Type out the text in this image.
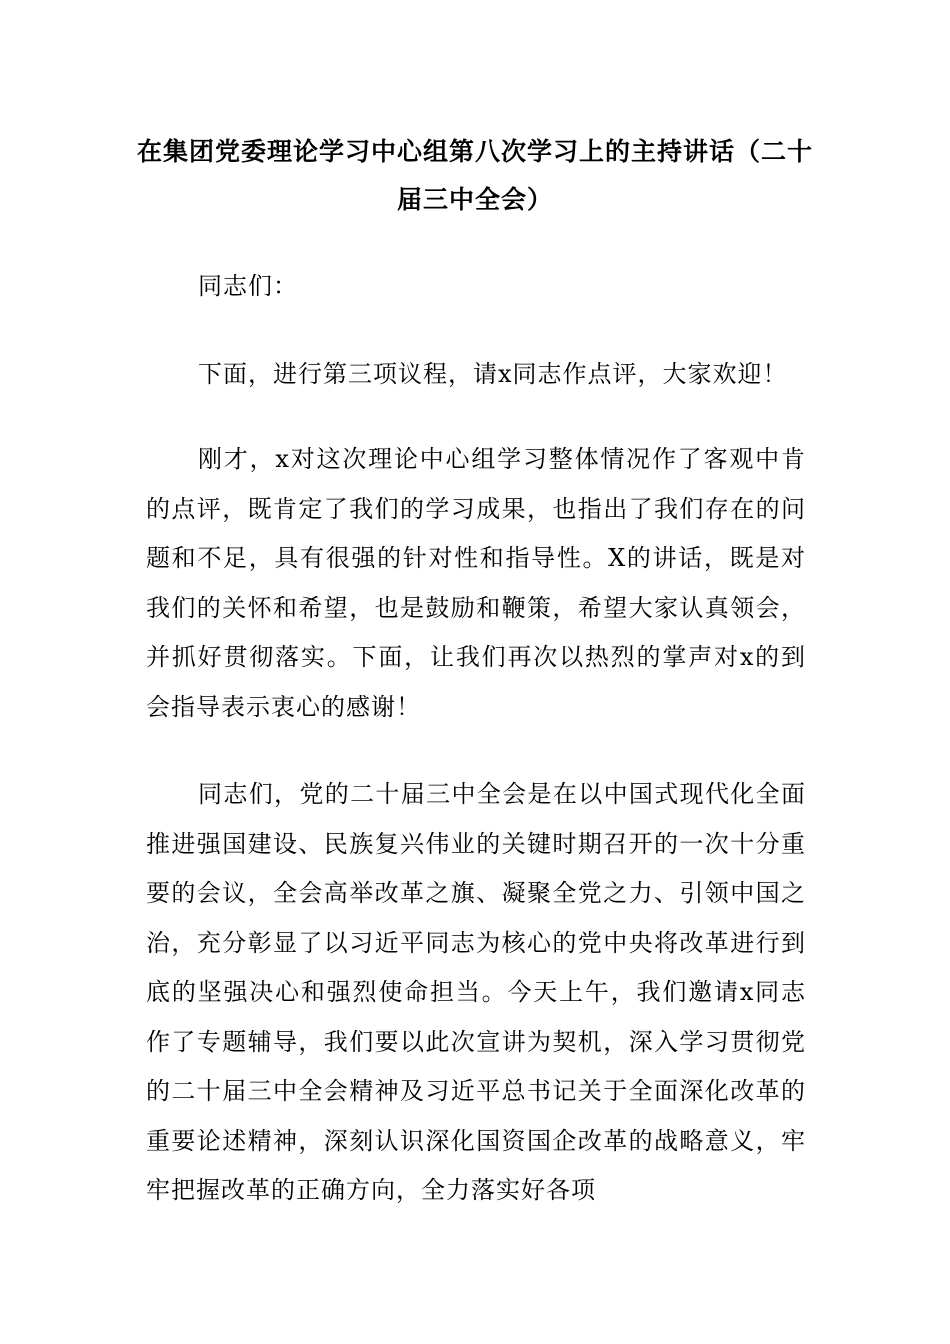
在集团党委理论学习中心组第八次学习上的主持讲话（二十届三中全会）

同志们：

下面，进行第三项议程，请x同志作点评，大家欢迎！

刚才，x对这次理论中心组学习整体情况作了客观中肯的点评，既肯定了我们的学习成果，也指出了我们存在的问题和不足，具有很强的针对性和指导性。X的讲话，既是对我们的关怀和希望，也是鼓励和鞭策，希望大家认真领会，并抓好贯彻落实。下面，让我们再次以热烈的掌声对x的到会指导表示衷心的感谢！

同志们，党的二十届三中全会是在以中国式现代化全面推进强国建设、民族复兴伟业的关键时期召开的一次十分重要的会议，全会高举改革之旗、凝聚全党之力、引领中国之治，充分彰显了以习近平同志为核心的党中央将改革进行到底的坚强决心和强烈使命担当。今天上午，我们邀请x同志作了专题辅导，我们要以此次宣讲为契机，深入学习贯彻党的二十届三中全会精神及习近平总书记关于全面深化改革的重要论述精神，深刻认识深化国资国企改革的战略意义，牢牢把握改革的正确方向，全力落实好各项
